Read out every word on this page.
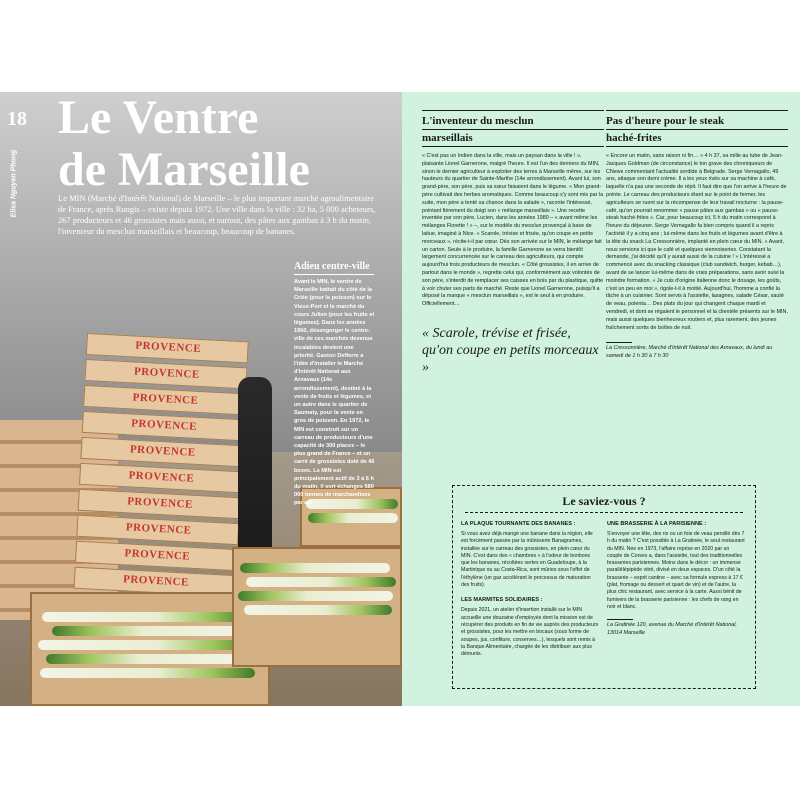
PROVENCE
PROVENCE
PROVENCE
PROVENCE
PROVENCE
PROVENCE
PROVENCE
PROVENCE
PROVENCE
PROVENCE
18
Elisa Nguyen Phong
Le Ventre
de Marseille

Le MIN (Marché d'Intérêt National) de Marseille – le plus important marché agroalimentaire de France, après Rungis – existe depuis 1972. Une ville dans la ville : 32 ha, 5 000 acheteurs, 267 producteurs et 46 grossistes mais aussi, et surtout, des pâtes aux gambas à 3 h du matin, l'inventeur du mesclun marseillais et beaucoup, beaucoup de bananes.

Adieu centre-ville

Avant le MIN, le ventre de Marseille battait du côté de la Criée (pour le poisson) sur le Vieux-Port et le marché du cours Julien (pour les fruits et légumes). Dans les années 1960, désengorger le centre-ville de ces marchés devenus incalables devient une priorité. Gaston Defferre a l'idée d'installer le Marché d'Intérêt National aux Arnavaux (14e arrondissement), destiné à la vente de fruits et légumes, et un autre dans le quartier de Saumaty, pour la vente en gros de poisson. En 1972, le MIN est construit sur un carreau de producteurs d'une capacité de 300 places – le plus grand de France – et un carré de grossistes doté de 46 boxes. Le MIN est principalement actif de 3 à 6 h du matin, il sort échanges 580 000 tonnes de marchandises par an.

L'inventeur du mesclun
marseillais

« C'est pas un Indien dans la ville, mais un paysan dans la ville ! », plaisante Lionel Garnerone, malgré l'heure. Il est l'un des derniers du MIN, sinon le dernier agriculteur à exploiter des terres à Marseille même, sur les hauteurs du quartier de Sainte-Marthe (14e arrondissement). Avant lui, son grand-père, son père, puis sa sœur faisaient dans le légume. « Mon grand-père cultivait des herbes aromatiques. Comme beaucoup s'y sont mis par la suite, mon père a tenté sa chance dans la salade », raconte l'intéressé, pointant fièrement du doigt son « mélange marseillais ». Une recette inventée par son père, Lucien, dans les années 1980 – « avant même les mélanges Florette ! » –, sur le modèle du mesclun provençal à base de laitue, imaginé à Nice. « Scarole, trévise et frisée, qu'on coupe en petits morceaux », récite-t-il par cœur. Dès son arrivée sur le MIN, le mélange fait un carton. Seule à le produire, la famille Garnerone se verra bientôt largement concurrencée sur le carreau des agriculteurs, qui compte aujourd'hui trois producteurs de mesclun. « Côté grossistes, il en arrive de partout dans le monde », regrette celui qui, conformément aux volontés de son père, s'interdit de remplacer ses caisses en bois par du plastique, quitte à voir chuter ses parts de marché. Reste que Lionel Garnerone, puisqu'il a déposé la marque « mesclun marseillais », est le seul à en produire. Officiellement…

« Scarole, trévise et frisée, qu'on coupe en petits morceaux »

Pas d'heure pour le steak
haché-frites

« Encore un matin, sans raison ni fin… » 4 h 37, sa mille au tube de Jean-Jacques Goldman (de circonstance) le ton grave des chroniqueurs de CNews commentant l'actualité sordide à Belgrade. Serge Vernagallo, 49 ans, attaque son demi crème. Il a les yeux rivés sur sa machine à café, laquelle n'a pas une seconde de répit. Il faut dire que l'on arrive à l'heure de pointe. Le carreau des producteurs étant sur le point de fermer, les agriculteurs se ruent sur la récompense de leur travail nocturne : la pause-café, qu'on pourrait renommer « pause pâtes aux gambas » ou « pause-steak haché-frites ». Car, pour beaucoup ici, 5 h du matin correspond à l'heure du déjeuner. Serge Vernagallo fa bien compris quand il a repris l'activité il y a cinq ans ; lui-même dans les fruits et légumes avant d'être à la tête du snack La Cressonnière, implanté en plein cœur du MIN. « Avant, nous servions ici que le café et quelques viennoiseries. Constatant la demande, j'ai décidé qu'il y aurait aussi de la cuisine ! » L'intéressé a commencé avec du snacking classique (club sandwich, burger, kebab…), avant de se lancer lui-même dans de vrais préparations, sans avoir suivi la moindre formation. « Je cuis d'origine italienne donc le dosage, les goûts, c'est un peu en moi », rigole-t-il à moitié. Aujourd'hui, l'homme a confié la tâche à un cuisinier. Sont servis à l'assiette, lasagnes, salade César, sauté de veau, polenta… Des plats du jour qui changent chaque mardi et vendredi, et dont se régalent le personnel et la clientèle présents sur le MIN, mais aussi quelques bienheureux routiers et, plus rarement, des jeunes fraîchement sortis de boîtes de nuit.

La Cressonnière, Marché d'Intérêt National des Arnavaux, du lundi au samedi de 1 h 30 à 7 h 30

Le saviez-vous ?

LA PLAQUE TOURNANTE DES BANANES :

Si vous avez déjà mangé une banane dans la région, elle est forcément passée par la mûrisserie Banagrumes, installée sur le carreau des grossistes, en plein cœur du MIN. C'est dans des « chambres » à l'odeur de bonbons que les bananes, récoltées vertes en Guadeloupe, à la Martinique ou au Costa-Rica, sont mûries sous l'effet de l'éthylène (un gaz accélérant le processus de maturation des fruits).

LES MARMITES SOLIDAIRES :

Depuis 2021, un atelier d'insertion installé sur le MIN accueille une douzaine d'employés dont la mission est de récupérer des produits en fin de vie auprès des producteurs et grossistes, pour les mettre en bocaux (sous forme de soupes, jus, confiture, conserves…), lesquels sont remis à la Banque Alimentaire, chargée de les distribuer aux plus démunis.

UNE BRASSERIE À LA PARISIENNE :

S'envoyer une tête, des ris ou un foie de veau persillé dès 7 h du matin ? C'est possible à La Gratinée, le seul restaurant du MIN. Née en 1973, l'affaire reprise en 2020 par un couple de Corses a, dans l'assiette, tout des traditionnelles brasseries parisiennes. Moins dans le décor : un immense parallélépipède vitré, divisé en deux espaces. D'un côté la brasserie – esprit cantine – avec sa formule express à 17 € (plat, fromage ou dessert et quart de vin) et de l'autre, la plus chic restaurant, avec service à la carte. Aussi bénit de fumivers de la brasserie parisienne : les chefs de rang en noir et blanc.

La Gratinée 120, avenue du Marché d'Intérêt National, 13014 Marseille
